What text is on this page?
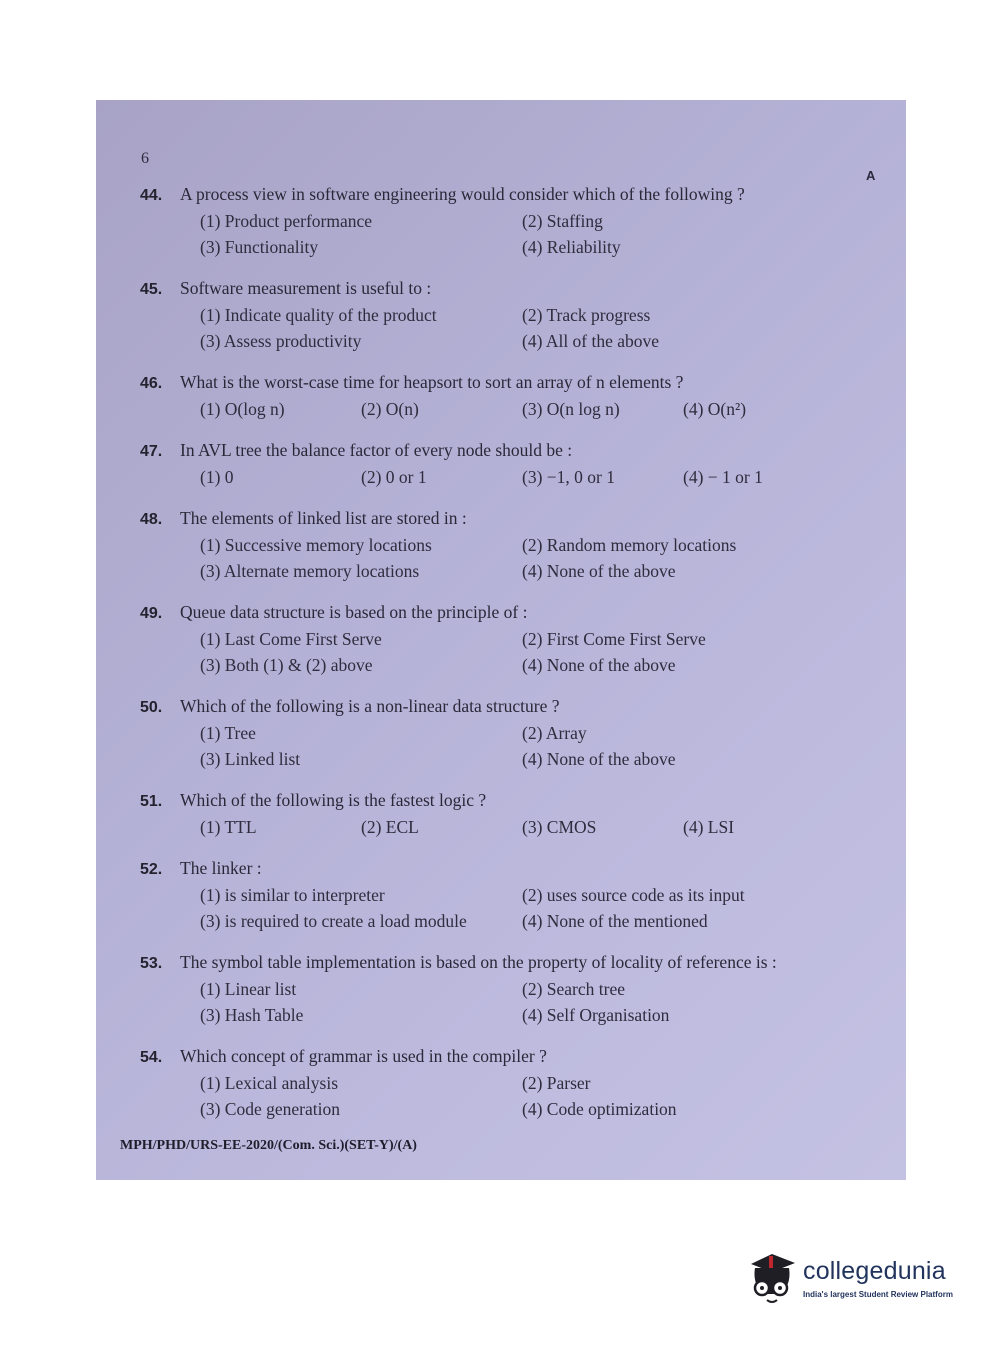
6
A
44.	A process view in software engineering would consider which of the following ?
(1) Product performance	(2) Staffing
(3) Functionality	(4) Reliability
45.	Software measurement is useful to :
(1) Indicate quality of the product	(2) Track progress
(3) Assess productivity	(4) All of the above
46.	What is the worst-case time for heapsort to sort an array of n elements ?
(1) O(log n)	(2) O(n)	(3) O(n log n)	(4) O(n²)
47.	In AVL tree the balance factor of every node should be :
(1) 0	(2) 0 or 1	(3) −1, 0 or 1	(4) − 1 or 1
48.	The elements of linked list are stored in :
(1) Successive memory locations	(2) Random memory locations
(3) Alternate memory locations	(4) None of the above
49.	Queue data structure is based on the principle of :
(1) Last Come First Serve	(2) First Come First Serve
(3) Both (1) & (2) above	(4) None of the above
50.	Which of the following is a non-linear data structure ?
(1) Tree	(2) Array
(3) Linked list	(4) None of the above
51.	Which of the following is the fastest logic ?
(1) TTL	(2) ECL	(3) CMOS	(4) LSI
52.	The linker :
(1) is similar to interpreter	(2) uses source code as its input
(3) is required to create a load module	(4) None of the mentioned
53.	The symbol table implementation is based on the property of locality of reference is :
(1) Linear list	(2) Search tree
(3) Hash Table	(4) Self Organisation
54.	Which concept of grammar is used in the compiler ?
(1) Lexical analysis	(2) Parser
(3) Code generation	(4) Code optimization
MPH/PHD/URS-EE-2020/(Com. Sci.)(SET-Y)/(A)
collegedunia
India's largest Student Review Platform
